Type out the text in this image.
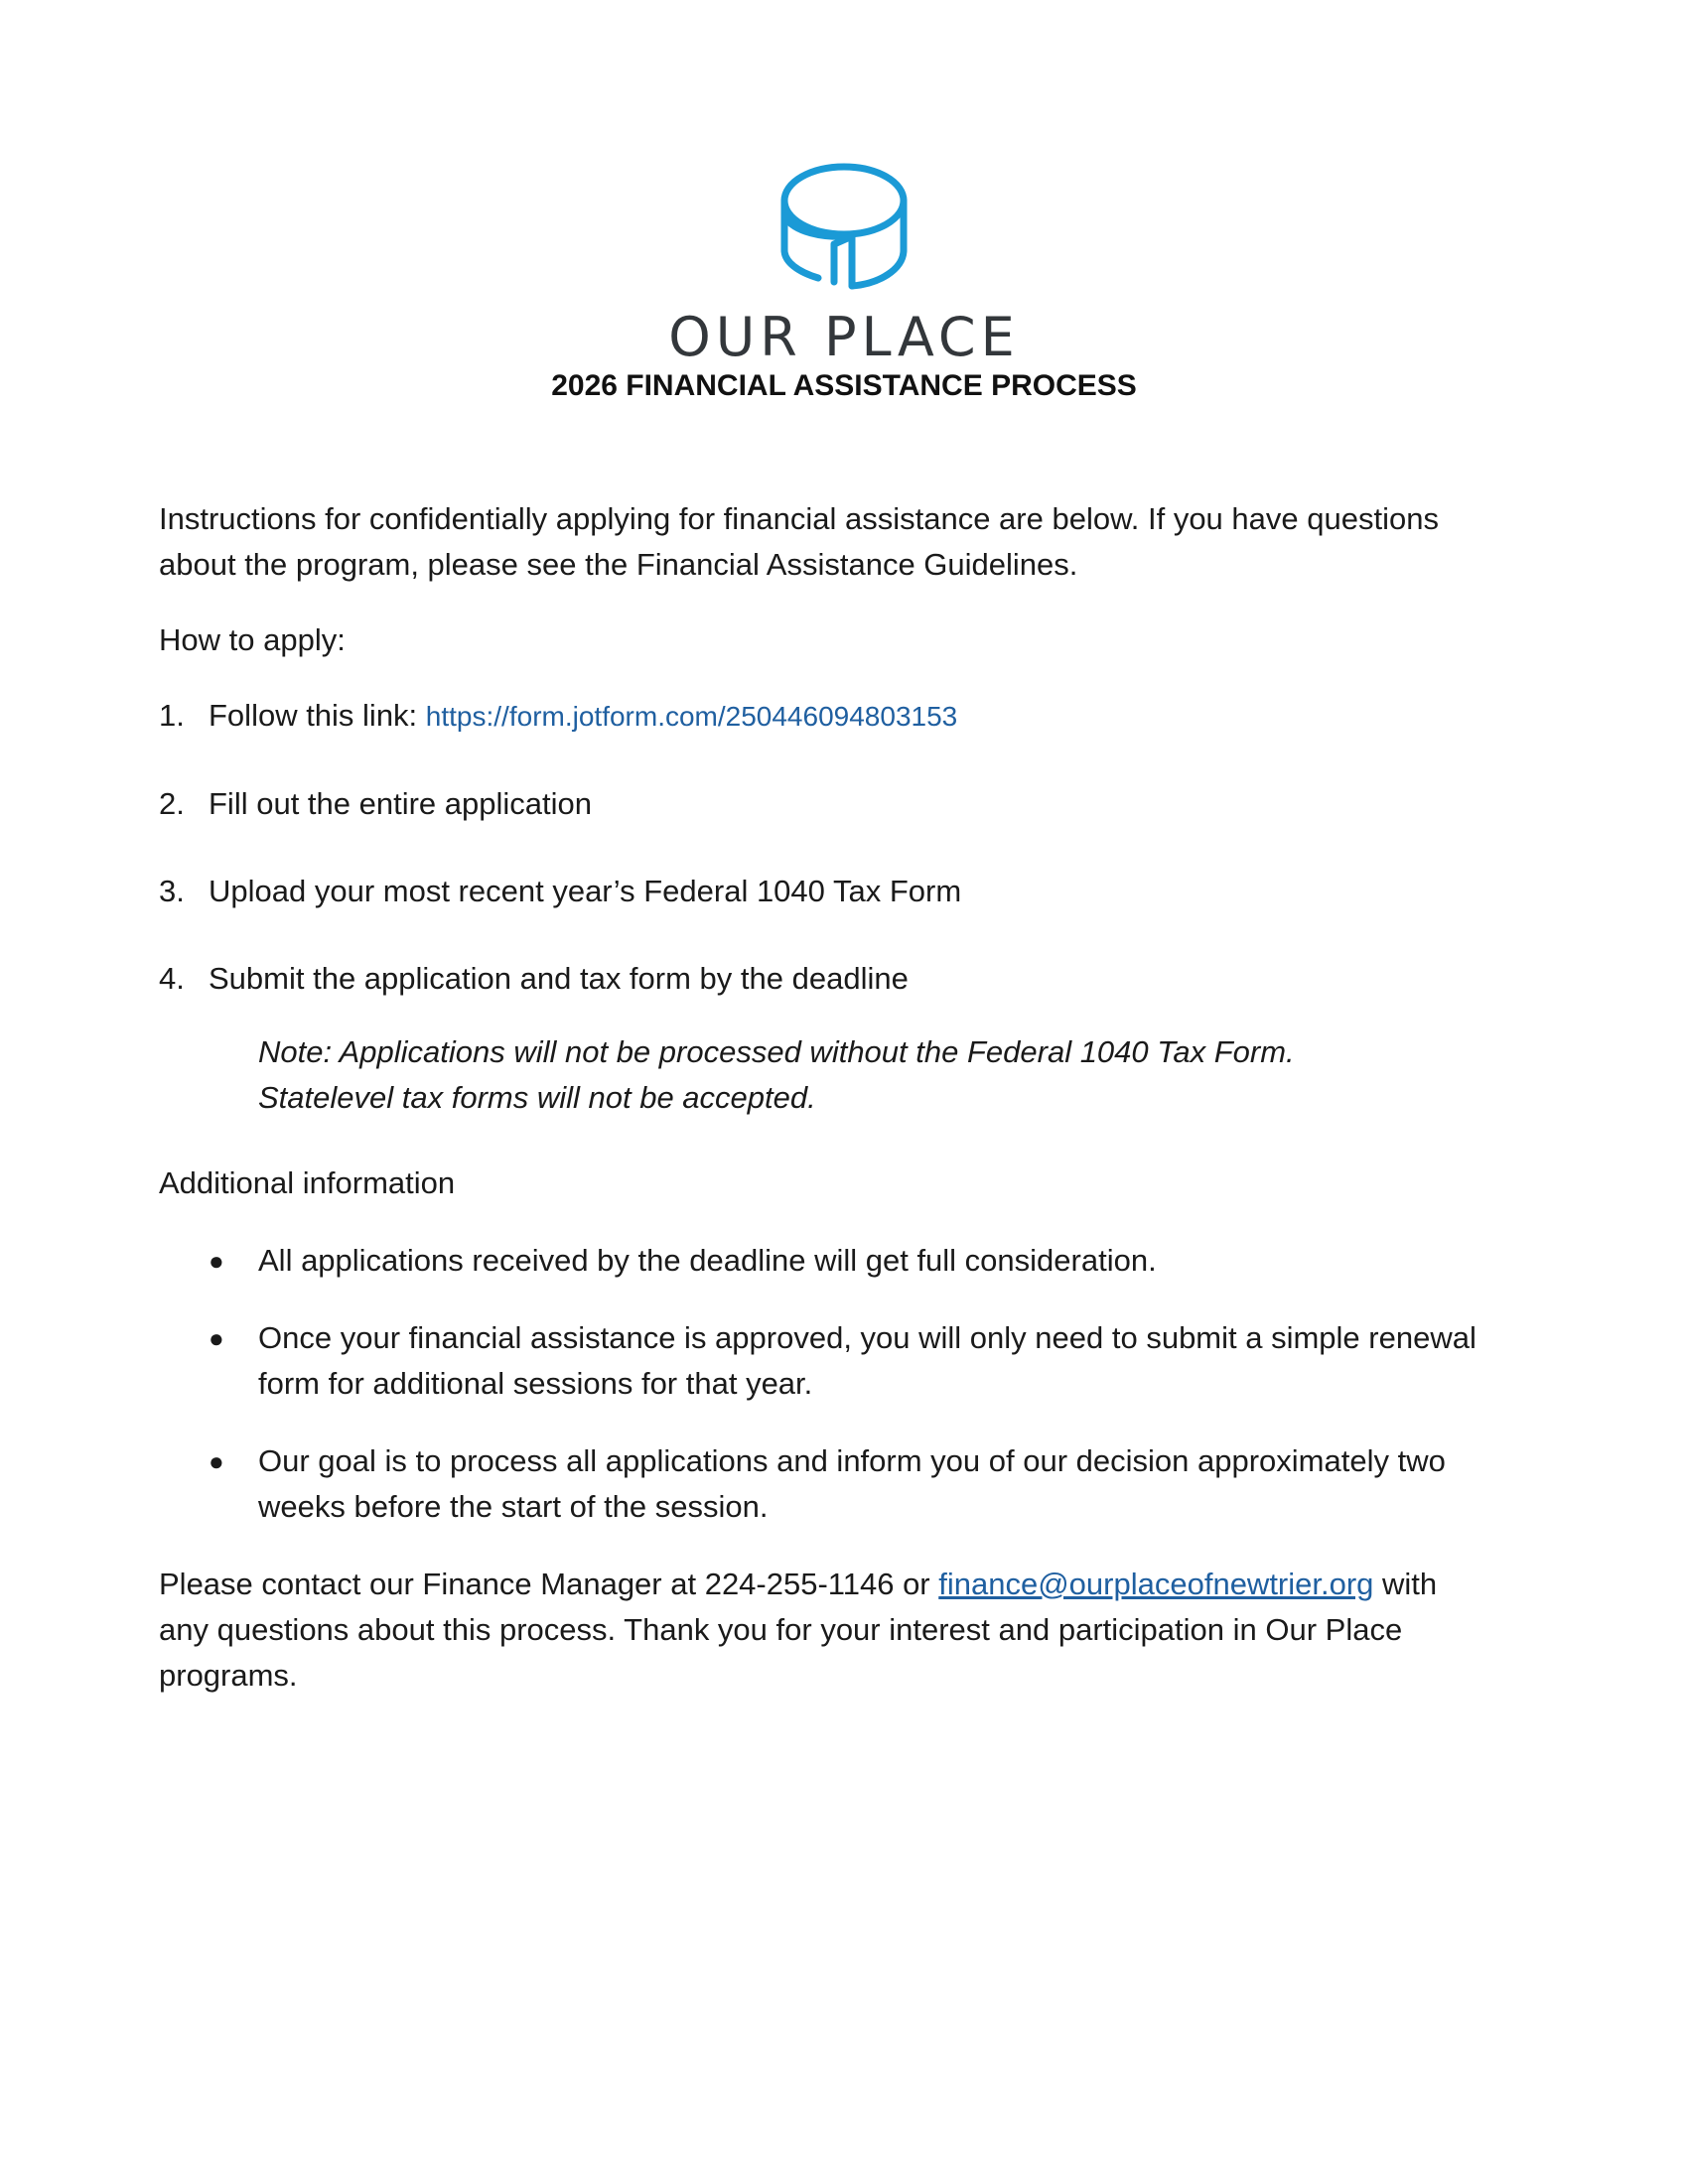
OUR PLACE
2026 FINANCIAL ASSISTANCE PROCESS

Instructions for confidentially applying for financial assistance are below. If you have questions about the program, please see the Financial Assistance Guidelines.

How to apply:

1. Follow this link: https://form.jotform.com/250446094803153
2. Fill out the entire application
3. Upload your most recent year’s Federal 1040 Tax Form
4. Submit the application and tax form by the deadline

Note: Applications will not be processed without the Federal 1040 Tax Form. Statelevel tax forms will not be accepted.

Additional information

● All applications received by the deadline will get full consideration.
● Once your financial assistance is approved, you will only need to submit a simple renewal form for additional sessions for that year.
● Our goal is to process all applications and inform you of our decision approximately two weeks before the start of the session.

Please contact our Finance Manager at 224-255-1146 or finance@ourplaceofnewtrier.org with any questions about this process. Thank you for your interest and participation in Our Place programs.
